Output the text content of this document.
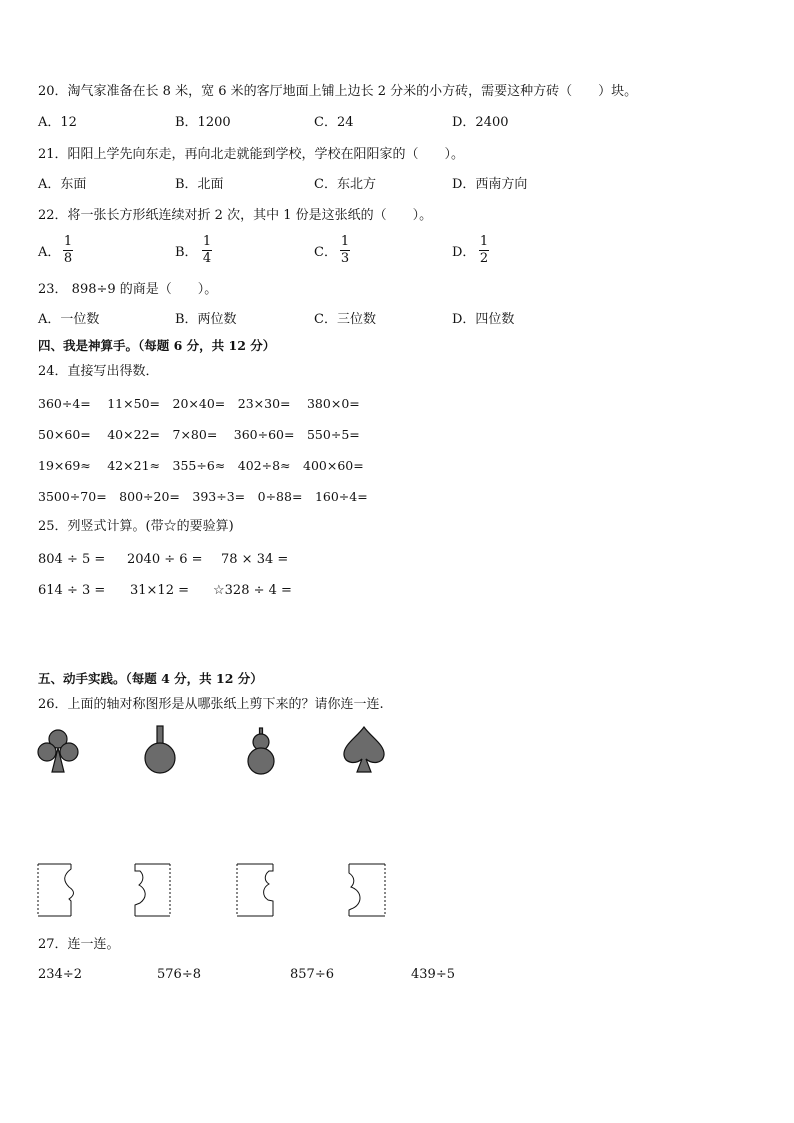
20．淘气家准备在长 8 米，宽 6 米的客厅地面上铺上边长 2 分米的小方砖，需要这种方砖（　　）块。
A．12	B．1200	C．24	D．2400
21．阳阳上学先向东走，再向北走就能到学校，学校在阳阳家的（　　）。
A．东面	B．北面	C．东北方	D．西南方向
22．将一张长方形纸连续对折 2 次，其中 1 份是这张纸的（　　）。
A．
1
8	B．
1
4	C．
1
3	D．
1
2
23． 898÷9 的商是（　　）。
A．一位数	B．两位数	C．三位数	D．四位数
四、我是神算手。（每题 6 分，共 12 分）
24．直接写出得数．
360÷4=　 11×50=　20×40=　23×30=　 380×0=
50×60=　 40×22=　7×80=　 360÷60=　550÷5=
19×69≈　 42×21≈　355÷6≈　402÷8≈　400×60=
3500÷70=　800÷20=　393÷3=　0÷88=　160÷4=
25．列竖式计算。(带☆的要验算)
804 ÷ 5 = 2040 ÷ 6 = 78 × 34 =
614 ÷ 3 = 31×12 = ☆328 ÷ 4 =
五、动手实践。（每题 4 分，共 12 分）
26．上面的轴对称图形是从哪张纸上剪下来的？请你连一连.
27．连一连。
234÷2	576÷8	857÷6	439÷5
